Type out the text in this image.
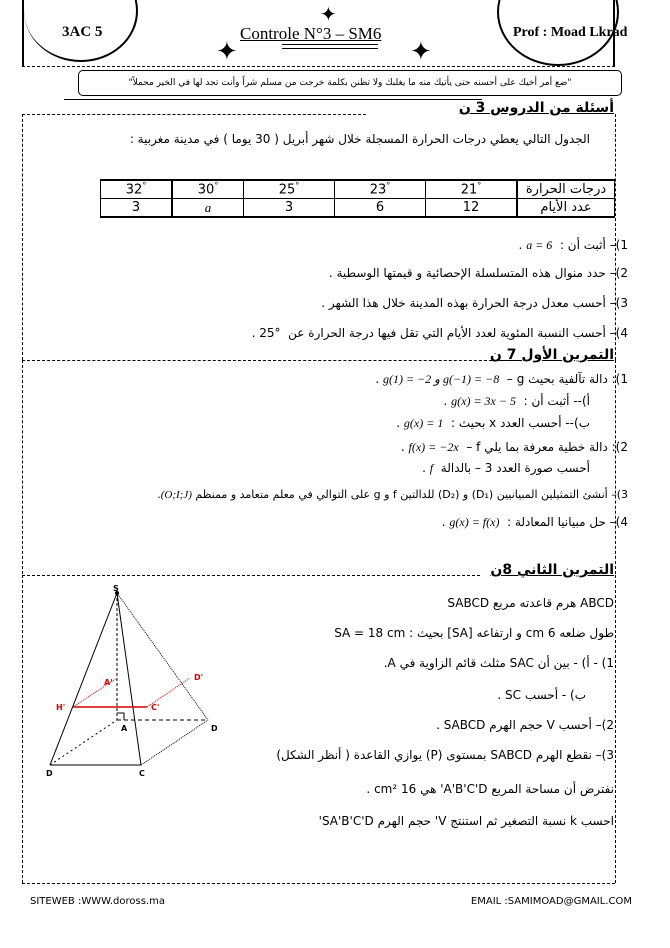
3AC 5	Prof : Moad Lkrad
Controle N°3 – SM6
✦
✦	✦
"ضع أمر أخيك على أحسنه حتى يأتيك منه ما يغلبك ولا تظنن بكلمة خرجت من مسلم شراً وأنت تجد لها في الخير محملاً"
أسئلة من الدروس 3 ن
الجدول التالي يعطي درجات الحرارة المسجلة خلال شهر أبريل ( 30 يوما ) في مدينة مغربية :
درجات الحرارة	21°	23°	25°	30°	32°
عدد الأيام	12	6	3	a	3
1)– أثبت أن :  a = 6 .
2)– حدد منوال هذه المتسلسلة الإحصائية و قيمتها الوسطية .
3)– أحسب معدل درجة الحرارة بهذه المدينة خلال هذا الشهر .
4)– أحسب النسبة المئوية لعدد الأيام التي تقل فيها درجة الحرارة عن  25° .
التمرين الأول 7 ن
1)– g دالة تآلفية بحيث :  g(1) = −2 و g(−1) = −8 .
أ)-- أثبت أن :  g(x) = 3x − 5 .
ب)-- أحسب العدد x بحيث :  g(x) = 1 .
2)– f دالة خطية معرفة بما يلي :  f(x) = −2x .
أحسب صورة العدد 3 – بالدالة  f .
3)– أنشئ التمثيلين المبيانيين (D₁) و (D₂) للدالتين f و g على التوالي في معلم متعامد و ممنظم (O;I;J).
4)– حل مبيانيا المعادلة :  g(x) = f(x) .
التمرين الثاني 8ن
SABCD هرم قاعدته مربع ABCD
طول ضلعه 6 cm و ارتفاعه [SA] بحيث : SA = 18 cm
1) - أ) - بين أن SAC مثلث قائم الزاوية في A.
ب) - أحسب SC .
2)– أحسب V حجم الهرم SABCD .
3)– نقطع الهرم SABCD بمستوى (P) يوازي القاعدة ( أنظر الشكل)
نفترض أن مساحة المربع A'B'C'D' هي 16 cm² .
احسب k نسبة التصغير ثم استنتج V' حجم الهرم SA'B'C'D'
S
A'
D'
H'	C'
A	D
D	C
SITEWEB :WWW.doross.ma	EMAIL :SAMIMOAD@GMAIL.COM
